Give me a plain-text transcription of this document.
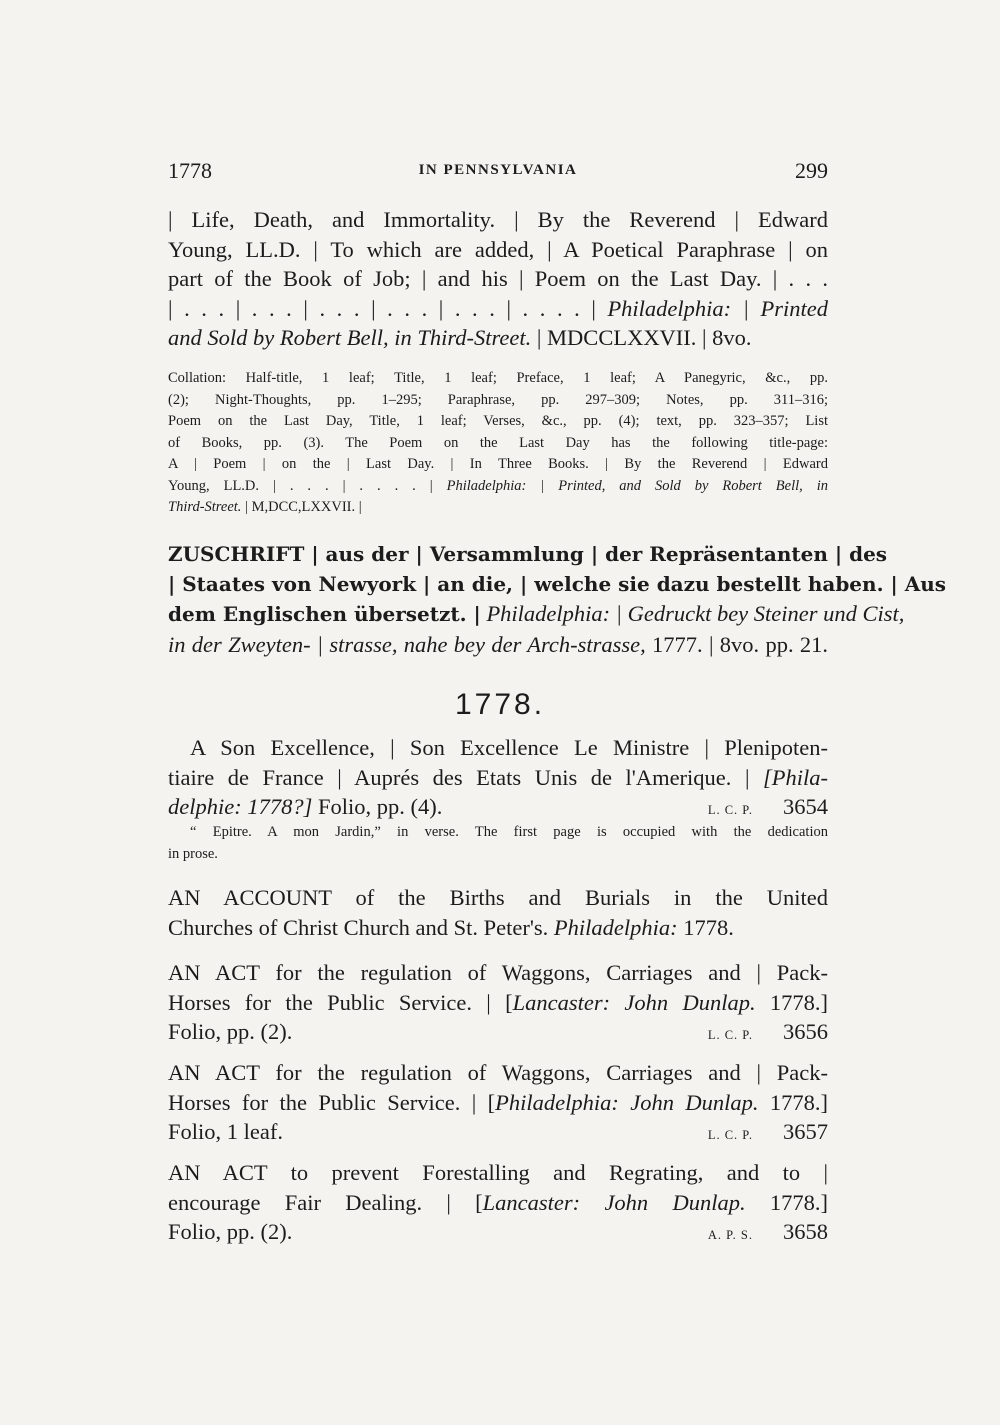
1778	IN PENNSYLVANIA	299
| Life, Death, and Immortality. | By the Reverend | Edward
Young, LL.D. | To which are added, | A Poetical Paraphrase | on
part of the Book of Job; | and his | Poem on the Last Day. | . . .
| . . . | . . . | . . . | . . . | . . . | . . . . | Philadelphia: | Printed
and Sold by Robert Bell, in Third-Street. | MDCCLXXVII. | 8vo.
Collation: Half-title, 1 leaf; Title, 1 leaf; Preface, 1 leaf; A Panegyric, &c., pp.
(2); Night-Thoughts, pp. 1–295; Paraphrase, pp. 297–309; Notes, pp. 311–316;
Poem on the Last Day, Title, 1 leaf; Verses, &c., pp. (4); text, pp. 323–357; List
of Books, pp. (3). The Poem on the Last Day has the following title-page:
A | Poem | on the | Last Day. | In Three Books. | By the Reverend | Edward
Young, LL.D. | . . . | . . . . | Philadelphia: | Printed, and Sold by Robert Bell, in
Third-Street. | M,DCC,LXXVII. |
ZUSCHRIFT | aus der | Versammlung | der Repräsentanten | des
| Staates von Newyork | an die, | welche sie dazu bestellt haben. | Aus
dem Englischen übersetzt. | Philadelphia: | Gedruckt bey Steiner und Cist,
in der Zweyten- | strasse, nahe bey der Arch-strasse, 1777. | 8vo. pp. 21.
1778.
A Son Excellence, | Son Excellence Le Ministre | Plenipoten-
tiaire de France | Auprés des Etats Unis de l'Amerique. | [Phila-
delphie: 1778?] Folio, pp. (4).	L. C. P. 3654
“ Epitre. A mon Jardin,” in verse. The first page is occupied with the dedication
in prose.
AN ACCOUNT of the Births and Burials in the United
Churches of Christ Church and St. Peter's. Philadelphia: 1778.
AN ACT for the regulation of Waggons, Carriages and | Pack-
Horses for the Public Service. | [Lancaster: John Dunlap. 1778.]
Folio, pp. (2).	L. C. P. 3656
AN ACT for the regulation of Waggons, Carriages and | Pack-
Horses for the Public Service. | [Philadelphia: John Dunlap. 1778.]
Folio, 1 leaf.	L. C. P. 3657
AN ACT to prevent Forestalling and Regrating, and to |
encourage Fair Dealing. | [Lancaster: John Dunlap. 1778.]
Folio, pp. (2).	A. P. S. 3658
